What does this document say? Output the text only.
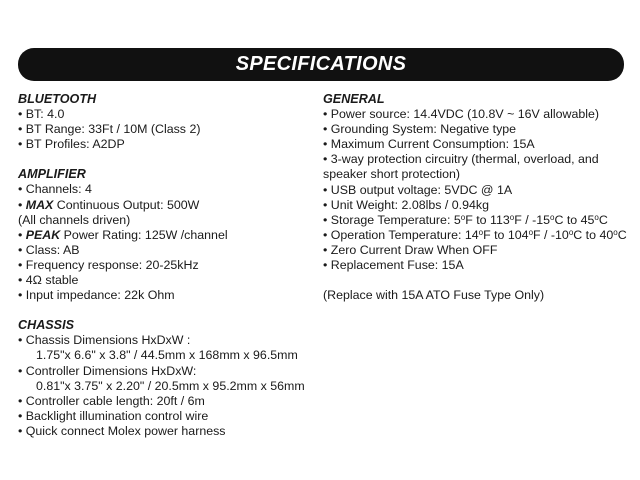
SPECIFICATIONS
BLUETOOTH
• BT: 4.0
• BT Range: 33Ft / 10M (Class 2)
• BT Profiles: A2DP
AMPLIFIER
• Channels: 4
• MAX Continuous Output: 500W
(All channels driven)
• PEAK Power Rating: 125W /channel
• Class: AB
• Frequency response: 20-25kHz
• 4Ω stable
• Input impedance: 22k Ohm
CHASSIS
• Chassis Dimensions HxDxW :
1.75"x 6.6" x 3.8" / 44.5mm x 168mm x 96.5mm
• Controller Dimensions HxDxW:
0.81"x 3.75" x 2.20" / 20.5mm x 95.2mm x 56mm
• Controller cable length: 20ft / 6m
• Backlight illumination control wire
• Quick connect Molex power harness
GENERAL
• Power source: 14.4VDC (10.8V ~ 16V allowable)
• Grounding System: Negative type
• Maximum Current Consumption: 15A
• 3-way protection circuitry (thermal, overload, and
speaker short protection)
• USB output voltage: 5VDC @ 1A
• Unit Weight: 2.08lbs / 0.94kg
• Storage Temperature: 5$^o$F to 113$^o$F / -15$^o$C to 45$^o$C
• Operation Temperature: 14$^o$F to 104$^o$F / -10$^o$C to 40$^o$C
• Zero Current Draw When OFF
• Replacement Fuse: 15A
(Replace with 15A ATO Fuse Type Only)
